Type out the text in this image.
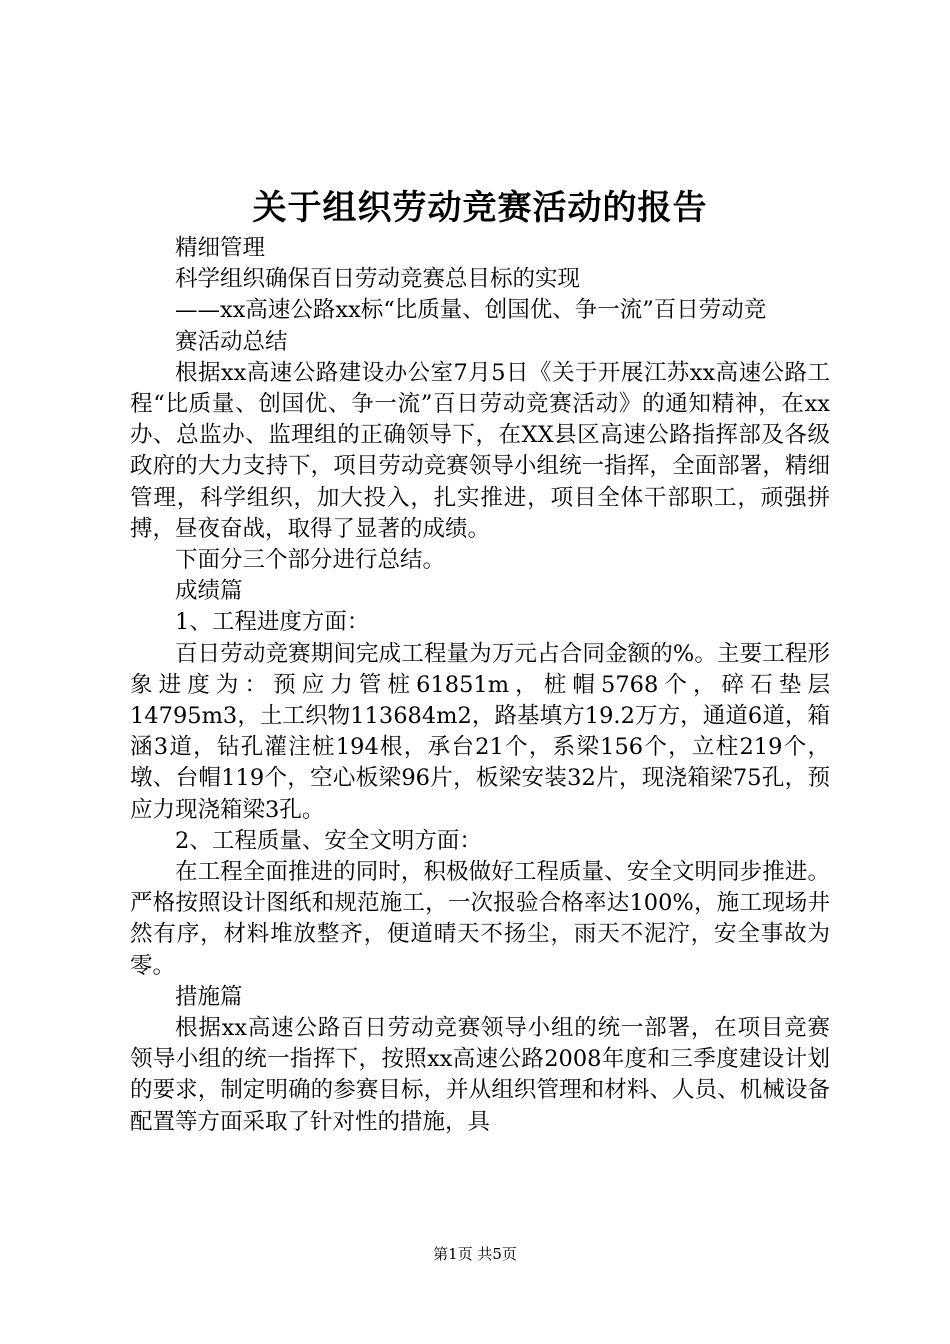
关于组织劳动竞赛活动的报告

精细管理

科学组织确保百日劳动竞赛总目标的实现

——xx高速公路xx标“比质量、创国优、争一流”百日劳动竞

赛活动总结

根据xx高速公路建设办公室7月5日《关于开展江苏xx高速公路工程“比质量、创国优、争一流”百日劳动竞赛活动》的通知精神，在xx办、总监办、监理组的正确领导下，在XX县区高速公路指挥部及各级政府的大力支持下，项目劳动竞赛领导小组统一指挥，全面部署，精细管理，科学组织，加大投入，扎实推进，项目全体干部职工，顽强拼搏，昼夜奋战，取得了显著的成绩。

下面分三个部分进行总结。

成绩篇

1、工程进度方面：

百日劳动竞赛期间完成工程量为万元占合同金额的%。主要工程形象进度为：预应力管桩61851m，桩帽5768个，碎石垫层14795m3，土工织物113684m2，路基填方19.2万方，通道6道，箱涵3道，钻孔灌注桩194根，承台21个，系梁156个，立柱219个，墩、台帽119个，空心板梁96片，板梁安装32片，现浇箱梁75孔，预应力现浇箱梁3孔。

2、工程质量、安全文明方面：

在工程全面推进的同时，积极做好工程质量、安全文明同步推进。严格按照设计图纸和规范施工，一次报验合格率达100%，施工现场井然有序，材料堆放整齐，便道晴天不扬尘，雨天不泥泞，安全事故为零。

措施篇

根据xx高速公路百日劳动竞赛领导小组的统一部署，在项目竞赛领导小组的统一指挥下，按照xx高速公路2008年度和三季度建设计划的要求，制定明确的参赛目标，并从组织管理和材料、人员、机械设备配置等方面采取了针对性的措施，具

第1页 共5页
